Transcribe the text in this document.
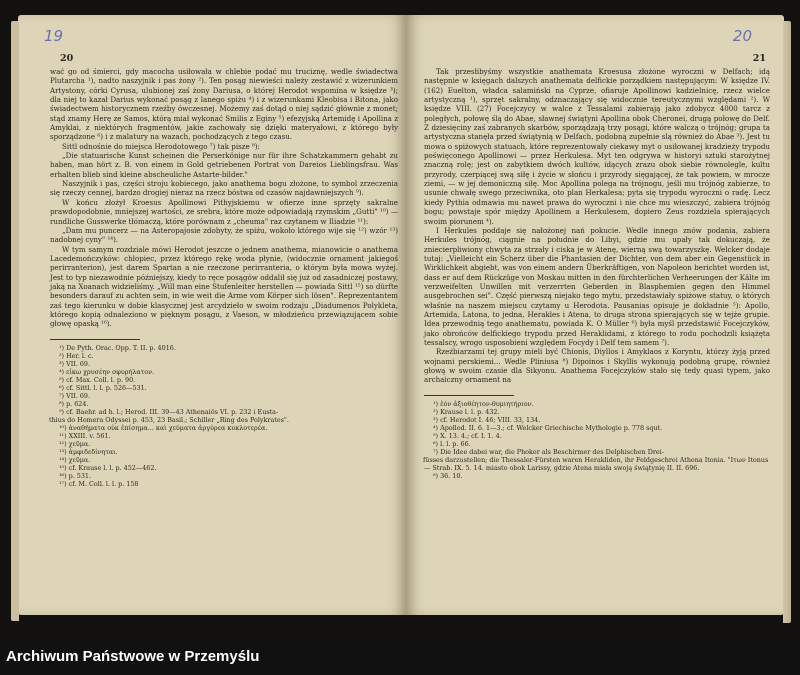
19
20

wać go od śmierci, gdy macocha usiłowała w chlebie podać mu truciznę, wedle świadectwa Plutarcha ¹), nadto naszyjnik i pas żony ²). Ten posąg niewieści należy zestawić z wizerunkiem Artystony, córki Cyrusa, ulubionej zaś żony Dariusa, o której Herodot wspomina w księdze ³); dla niej to kazał Darius wykonać posąg z lanego spiżu ⁴) i z wizerunkami Kleobisa i Bitona, jako świadectwem historycznem rzeźby ówczesnej. Możemy zaś dotąd o niej sądzić głównie z monet; stąd znamy Herę ze Samos, którą miał wykonać Smilis z Eginy ⁵) efezyjską Artemidę i Apollina z Amyklai, z niektórych fragmentów, jakie zachowały się dzięki materyałowi, z którego były sporządzone ⁶) i z malatury na wazach, pochodzących z tego czasu.

Sittl odnośnie do miejsca Herodotowego ⁷) tak pisze ⁸):

„Die statuarische Kunst scheinen die Perserkönige nur für ihre Schatzkammern gehabt zu haben, man hört z. B. von einem in Gold getriebenen Portrat von Dareios Lieblingsfrau. Was erhalten blieb sind kleine abscheuliche Astarte-bilder."

Naszyjnik i pas, części stroju kobiecego, jako anathema bogu złożone, to symbol zrzeczenia się rzeczy cennej, bardzo drogiej nieraz na rzecz bóstwa od czasów najdawniejszych ⁹).

W końcu złożył Kroesus Apollinowi Pithyjskiemu w ofierze inne sprzęty sakralne prawdopodobnie, mniejszej wartości, ze srebra, które może odpowiadają rzymskim „Gutti" ¹⁰) — rundliche Gusswerke tłómaczą, które porównam z „cheuma" raz czytanem w Iliadzie ¹¹):

„Dam mu puncerz — na Asteropajosie zdobyty, że spiżu, wokoło którego wije się ¹²) wzór ¹³) nadobnej cyny" ¹⁴).

W tym samym rozdziale mówi Herodot jeszcze o jednem anathema, mianowicie o anathema Lacedemończyków: chłopiec, przez którego rękę woda płynie, (widocznie ornament jakiegoś perirranterion), jest darem Spartan a nie rzeczone perirranteria, o którym była mowa wyżej. Jest to typ niezawodnie późniejszy, kiedy to ręce posągów oddalił się już od zasadniczej postawy, jaką na Xoanach widzieliśmy. „Will man eine Stufenleiter herstellen — powiada Sittl ¹⁵) so dürfte besonders darauf zu achten sein, in wie weit die Arme vom Körper sich lösen". Reprezentantem zaś tego kierunku w dobie klasycznej jest arcydzieło w swoim rodzaju „Diadumenos Polykleta, którego kopią odnaleziono w pięknym posągu, z Vaeson, w młodzieńcu przewiązującem sobie głowę opaską ¹⁶).

¹) De Pyth. Orac. Opp. T. II. p. 4016.
²) Her. l. c.
³) VII. 69.
⁴) εἰκω χρυσέην σφυρήλατον.
⁵) cf. Max. Coll. l. p. 90.
⁶) cf. Sittl. l. l. p. 526—531.
⁷) VII. 69.
⁸) p. 624.
⁹) cf. Baehr. ad h. l.; Herod. III. 39—43 Athenaiös VI. p. 232 i Eusta-
thius do Homera Odyssei p. 453, 23 Basil.; Schiller „Ring des Polykrates".
¹⁰) ἀναθήματα οὐκ ἐπίσημα... καὶ χεύματα ἀργύρεα κυκλοτερέα.
¹¹) XXIII. v. 561.
¹²) χεῦμα.
¹³) ἀμφιδεδίνηται.
¹⁴) χεῦμα.
¹⁵) cf. Krause l. l. p. 452—462.
¹⁶) p. 531.
¹⁷) cf. M. Coll. l. l. p. 158
20
21

Tak przesłibyśmy wszystkie anathemata Kroesusa złożone wyroczni w Delfach; idą następnie w księgach dalszych anathemata delfickie porządkiem następującym: W księdze IV. (162) Euelton, władca salamiński na Cyprze, ofiaruje Apollinowi kadzielnicę, rzecz wielce artystyczną ¹), sprzęt sakralny, odznaczający się widocznie tereutycznymi względami ²). W księdze VIII. (27) Focejczycy w walce z Tessalami zabierają jako zdobycz 4000 tarcz z poległych, połowę ślą do Abae, sławnej świątyni Apollina obok Cheronei, drugą połowę do Delf. Z dziesięciny zaś zabranych skarbów, sporządzają trzy posągi, które walczą o trójnóg; grupa ta artystyczna stanęła przed świątynią w Delfach, podobną zupełnie slą również do Abae ³). Jest tu mowa o spiżowych statuach, które reprezentowały ciekawy myt o usiłowanej kradzieży trypodu poświęconego Apollinowi — przez Herkulesa. Myt ten odgrywa w historyi sztuki starożytnej znaczną rolę; jest on zabytkiem dwóch kultów, idących zrazu obok siebie równolegle, kultu przyrody, czerpiącej swą siłę i życie w słońcu i przyrody sięgającej, że tak powiem, w mrocze ziemi, — w jej demoniczną siłę. Moc Apollina polega na trójnogu, jeśli mu trójnóg zabierze, to usunie chwałę swego przeciwnika, oto plan Herkalesa; pyta się trypodu wyroczni o radę. Lecz kiedy Pythia odmawia mu nawet prawa do wyroczni i nie chce mu wieszczyć, zabiera trójnóg bogu; powstaje spór między Apollinem a Herkulesem, dopiero Zeus rozdziela spierających swoim piorunem ⁴).

I Herkules poddaje się nałożonej nań pokucie. Wedle innego znów podania, zabiera Herkules trójnóg, ciągnie na południe do Libyi, gdzie mu upały tak dokuczają, że zniecierpliwiony chwyta za strzały i ciska je w Atenę, wierną swą towarzyszkę. Welcker dodaje tutaj: „Vielleicht ein Scherz über die Phantasien der Dichter, von dem aber ein Gegenstück in Wirklichkeit abgiebt, was von einem andern Überkräftigen, von Napoleon berichtet worden ist, dass er auf dem Rückzüge von Moskau mitten in den fürchterlichen Verheerungen der Kälte im verzweifelten Unwillen mit verzerrten Geberden in Blasphemien gegen den Himmel ausgebrochen sei". Część pierwszą niejako tego mytu, przedstawiały spiżowe statuy, o których właśnie na naszem miejscu czytamy u Herodota. Pausanias opisuje je dokładnie ⁵): Apollo, Artemida, Latona, to jedna, Herakles i Atena, to druga strona spierających się w tejże grupie. Idea przewodnią tego anathematu, powiada K. O Müller ⁶) była myśl przedstawić Focejczyków, jako obrońców delfickiego trypodu przed Heraklidami, z którego to rodu pochodzili książęta tessalscy, wrogo usposobieni względem Focydy i Delf tem samem ⁷).

Rzeźbiarzami tej grupy mieli być Chionis, Diyllos i Amyklaos z Koryntu, którzy żyją przed wojnami perskiemi... Wedle Pliniusa ⁸) Dipoinos i Skyllis wykonują podobną grupę, również głową w swoim czasie dla Sikyonu. Anathema Focejczyków stało się tedy quasi typem, jako archaiczny ornament na

¹) ἐόν ἀξιοθέητον-θυμιητήριον.
²) Krause l. l. p. 432.
³) cf. Herodot I. 46; VIII. 33, 134.
⁴) Apollod. II. 6. 1—3.; cf. Welcker Griechische Mythologie p. 778 squt.
⁵) X. 13. 4.; cf. I. 1. 4.
⁶) l. l. p. 66.
⁷) Die Idee dabei war, die Phoker als Beschirmer des Delphischen Drei-
füsses darzustellen; die Thessaler-Fürsten waren Herakliden, ihr Feldgeschrei Athena Itonia. "Ιτων Itonus — Strab. IX. 5. 14. miasto obok Larissy, gdzie Atena miała swoją świątynię II. II. 696.
⁸) 36. 10.
Archiwum Państwowe w Przemyślu
